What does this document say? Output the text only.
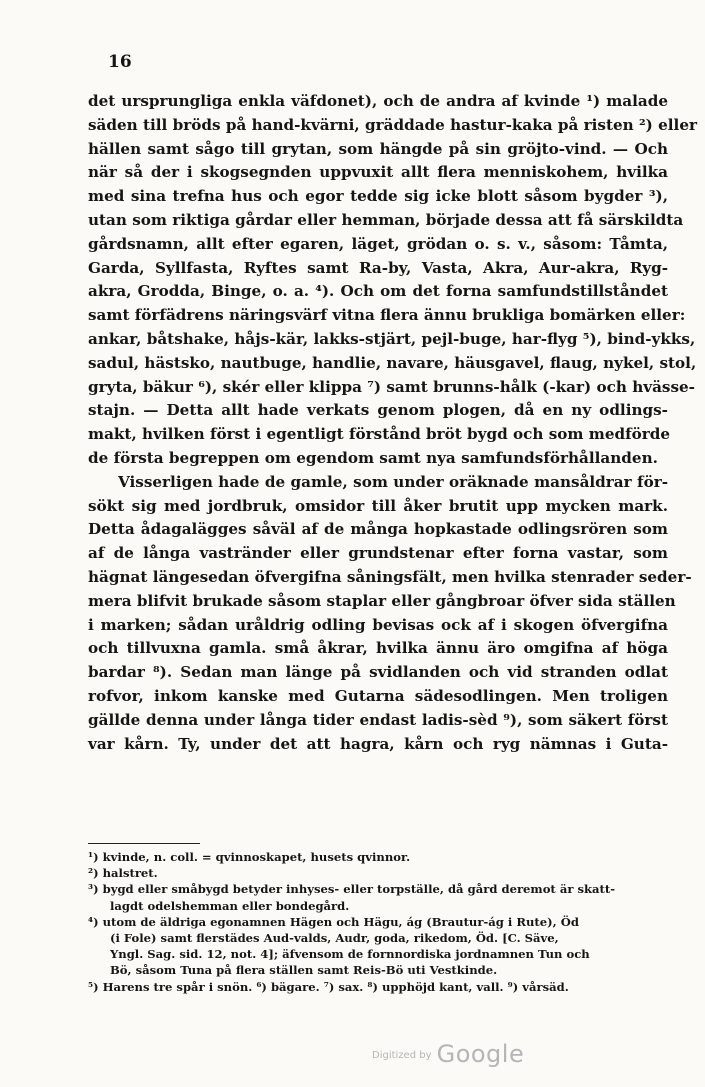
16
det ursprungliga enkla väfdonet), och de andra af kvinde ¹) malade
säden till bröds på hand-kvärni, gräddade hastur-kaka på risten ²) eller
hällen samt sågo till grytan, som hängde på sin gröjto-vind. — Och
när så der i skogsegnden uppvuxit allt flera menniskohem, hvilka
med sina trefna hus och egor tedde sig icke blott såsom bygder ³),
utan som riktiga gårdar eller hemman, började dessa att få särskildta
gårdsnamn, allt efter egaren, läget, grödan o. s. v., såsom: Tåmta,
Garda, Syllfasta, Ryftes samt Ra-by, Vasta, Akra, Aur-akra, Ryg-
akra, Grodda, Binge, o. a. ⁴). Och om det forna samfundstillståndet
samt förfädrens näringsvärf vitna flera ännu brukliga bomärken eller:
ankar, båtshake, håjs-kär, lakks-stjärt, pejl-buge, har-flyg ⁵), bind-ykks,
sadul, hästsko, nautbuge, handlie, navare, häusgavel, flaug, nykel, stol,
gryta, bäkur ⁶), skér eller klippa ⁷) samt brunns-hålk (-kar) och hvässe-
stajn. — Detta allt hade verkats genom plogen, då en ny odlings-
makt, hvilken först i egentligt förstånd bröt bygd och som medförde
de första begreppen om egendom samt nya samfundsförhållanden.
Visserligen hade de gamle, som under oräknade mansåldrar för-
sökt sig med jordbruk, omsidor till åker brutit upp mycken mark.
Detta ådagalägges såväl af de många hopkastade odlingsrören som
af de långa vastränder eller grundstenar efter forna vastar, som
hägnat längesedan öfvergifna såningsfält, men hvilka stenrader seder-
mera blifvit brukade såsom staplar eller gångbroar öfver sida ställen
i marken; sådan uråldrig odling bevisas ock af i skogen öfvergifna
och tillvuxna gamla. små åkrar, hvilka ännu äro omgifna af höga
bardar ⁸). Sedan man länge på svidlanden och vid stranden odlat
rofvor, inkom kanske med Gutarna sädesodlingen. Men troligen
gällde denna under långa tider endast ladis-sèd ⁹), som säkert först
var kårn. Ty, under det att hagra, kårn och ryg nämnas i Guta-
¹) kvinde, n. coll. = qvinnoskapet, husets qvinnor.
²) halstret.
³) bygd eller småbygd betyder inhyses- eller torpställe, då gård deremot är skatt-
lagdt odelshemman eller bondegård.
⁴) utom de äldriga egonamnen Hägen och Hägu, ág (Brautur-ág i Rute), Öd
(i Fole) samt flerstädes Aud-valds, Audr, goda, rikedom, Öd. [C. Säve,
Yngl. Sag. sid. 12, not. 4]; äfvensom de fornnordiska jordnamnen Tun och
Bö, såsom Tuna på flera ställen samt Reis-Bö uti Vestkinde.
⁵) Harens tre spår i snön. ⁶) bägare. ⁷) sax. ⁸) upphöjd kant, vall. ⁹) vårsäd.
$^{Digitized by}$ Google
